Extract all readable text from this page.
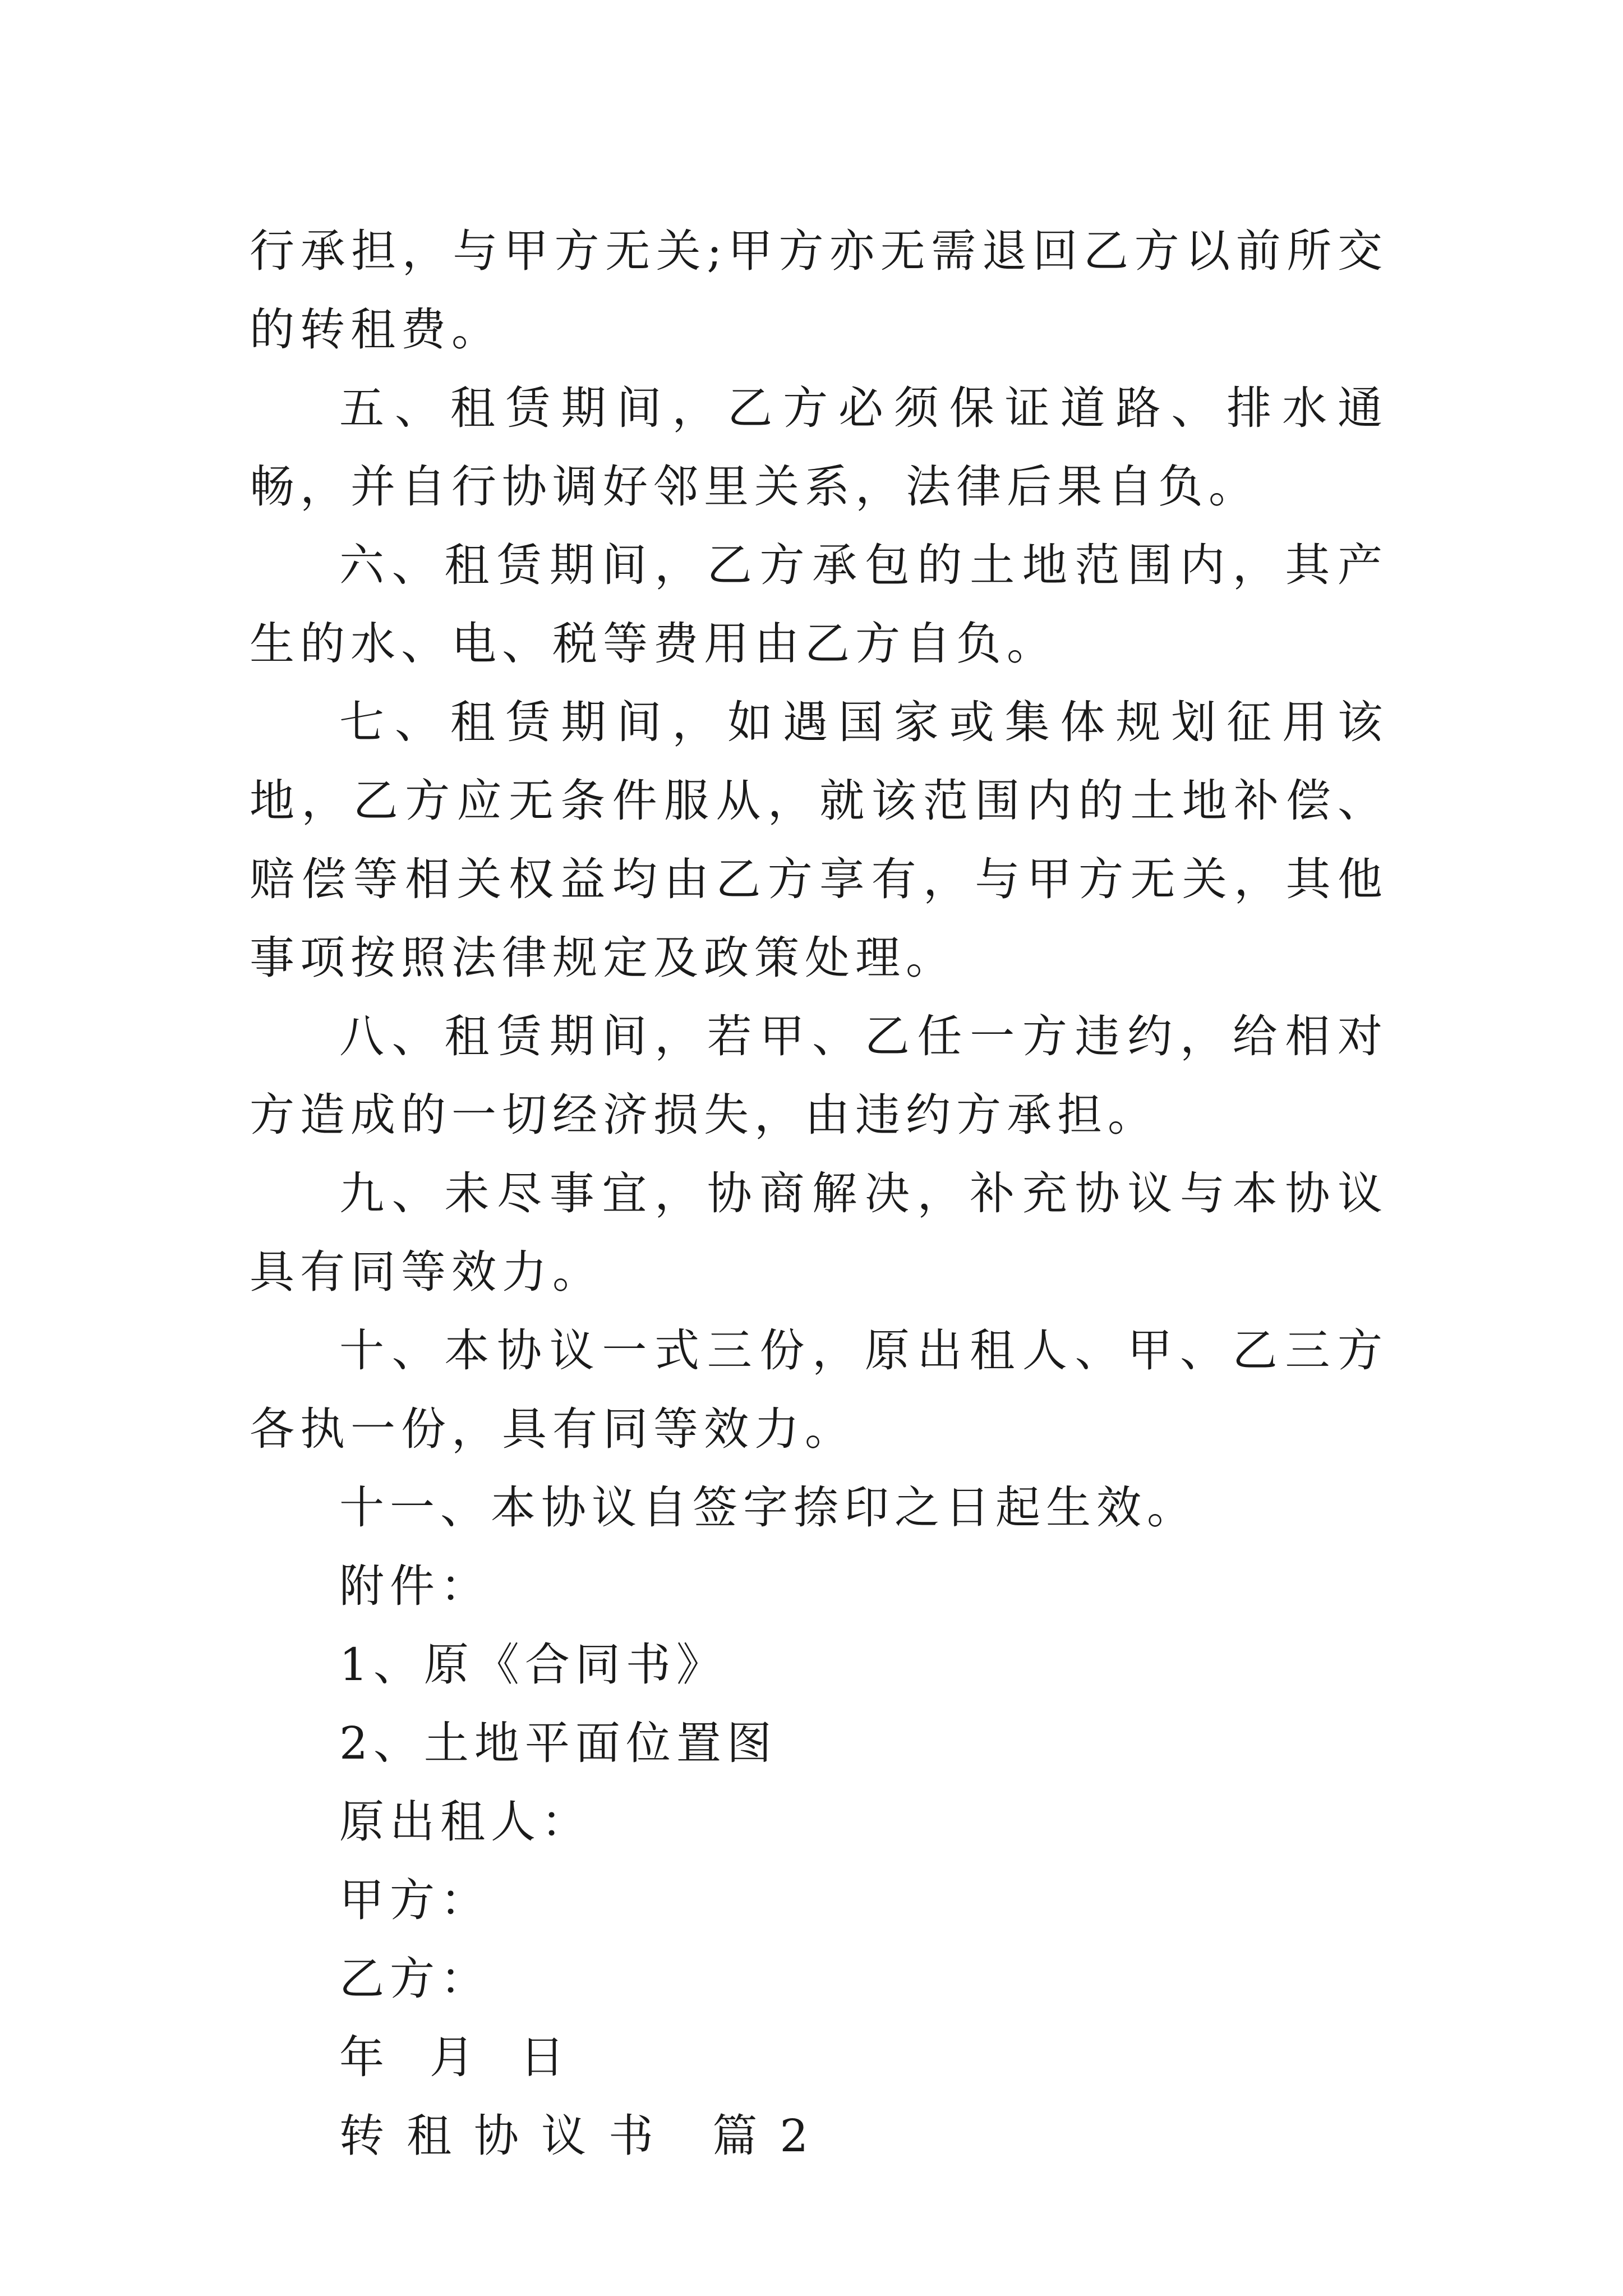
行承担，与甲方无关;甲方亦无需退回乙方以前所交的转租费。

五、租赁期间，乙方必须保证道路、排水通畅，并自行协调好邻里关系，法律后果自负。

六、租赁期间，乙方承包的土地范围内，其产生的水、电、税等费用由乙方自负。

七、租赁期间，如遇国家或集体规划征用该地，乙方应无条件服从，就该范围内的土地补偿、赔偿等相关权益均由乙方享有，与甲方无关，其他事项按照法律规定及政策处理。

八、租赁期间，若甲、乙任一方违约，给相对方造成的一切经济损失，由违约方承担。

九、未尽事宜，协商解决，补充协议与本协议具有同等效力。

十、本协议一式三份，原出租人、甲、乙三方各执一份，具有同等效力。

十一、本协议自签字捺印之日起生效。

附件：

1、原《合同书》

2、土地平面位置图

原出租人：

甲方：

乙方：

年  月  日

转租协议书 篇2
